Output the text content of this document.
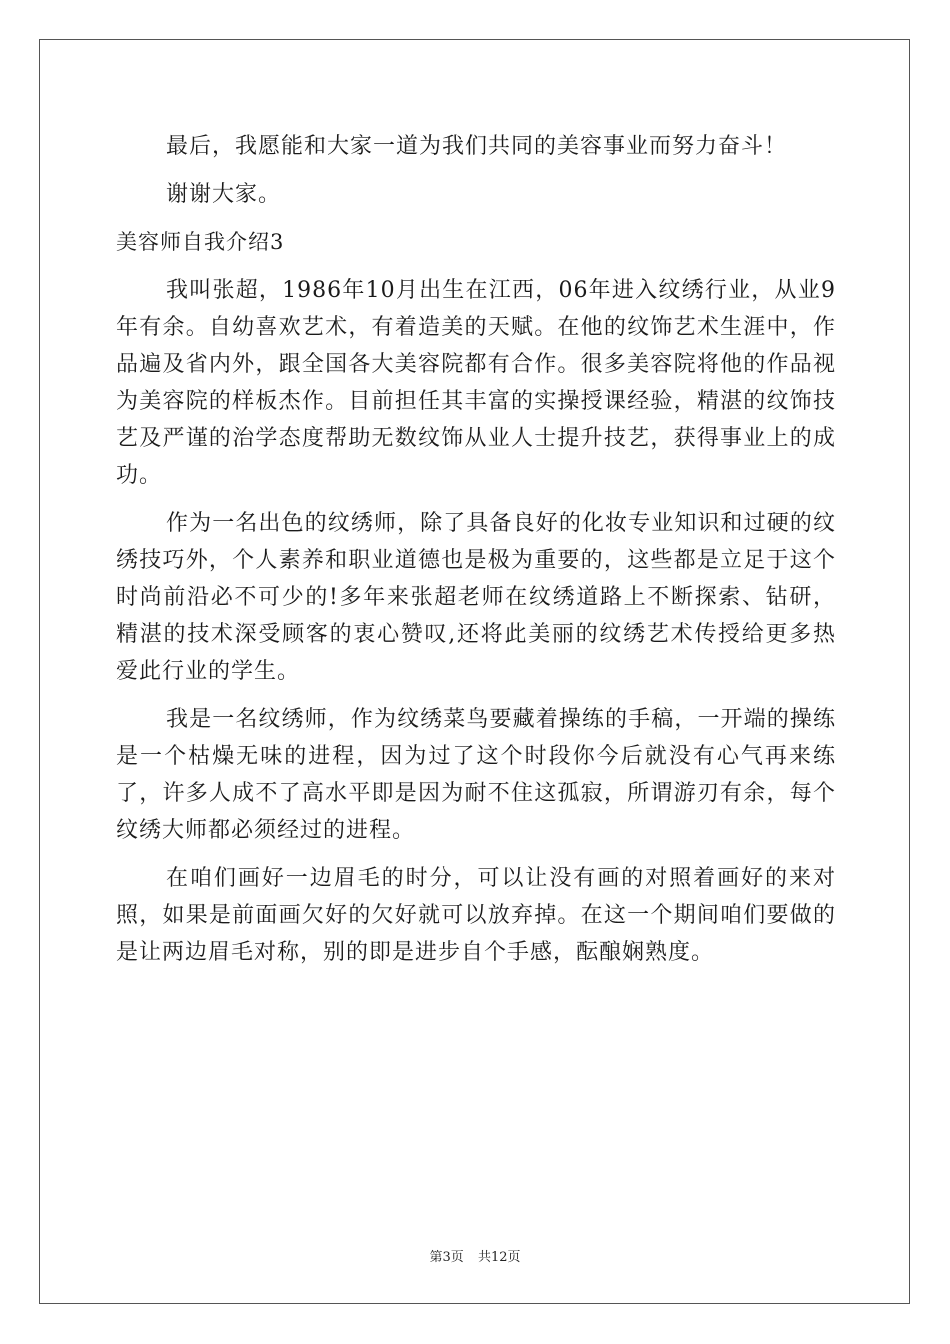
最后，我愿能和大家一道为我们共同的美容事业而努力奋斗！

谢谢大家。

美容师自我介绍3

我叫张超，1986年10月出生在江西，06年进入纹绣行业，从业9年有余。自幼喜欢艺术，有着造美的天赋。在他的纹饰艺术生涯中，作品遍及省内外，跟全国各大美容院都有合作。很多美容院将他的作品视为美容院的样板杰作。目前担任其丰富的实操授课经验，精湛的纹饰技艺及严谨的治学态度帮助无数纹饰从业人士提升技艺，获得事业上的成功。

作为一名出色的纹绣师，除了具备良好的化妆专业知识和过硬的纹绣技巧外，个人素养和职业道德也是极为重要的，这些都是立足于这个时尚前沿必不可少的!多年来张超老师在纹绣道路上不断探索、钻研，精湛的技术深受顾客的衷心赞叹,还将此美丽的纹绣艺术传授给更多热爱此行业的学生。

我是一名纹绣师，作为纹绣菜鸟要藏着操练的手稿，一开端的操练是一个枯燥无味的进程，因为过了这个时段你今后就没有心气再来练了，许多人成不了高水平即是因为耐不住这孤寂，所谓游刃有余，每个纹绣大师都必须经过的进程。

在咱们画好一边眉毛的时分，可以让没有画的对照着画好的来对照，如果是前面画欠好的欠好就可以放弃掉。在这一个期间咱们要做的是让两边眉毛对称，别的即是进步自个手感，酝酿娴熟度。

第3页 共12页
